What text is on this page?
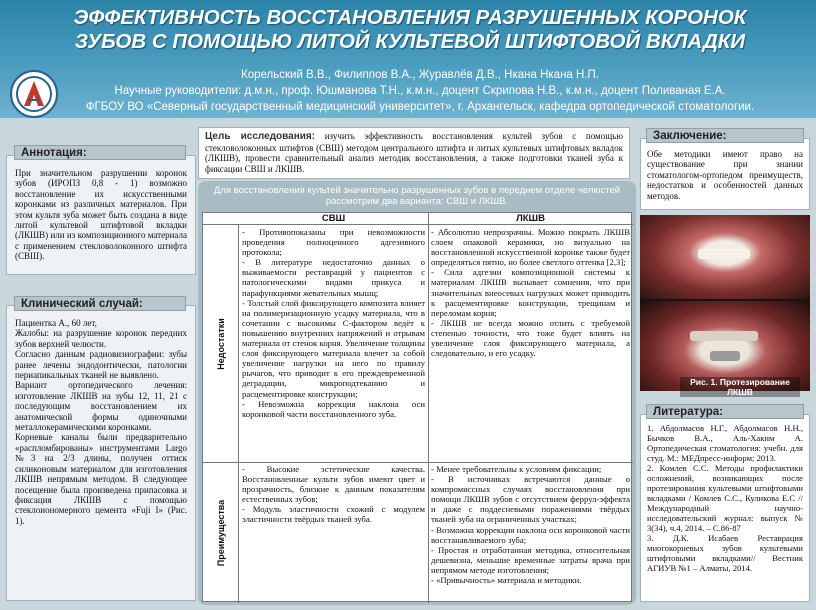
ЭФФЕКТИВНОСТЬ ВОССТАНОВЛЕНИЯ РАЗРУШЕННЫХ КОРОНОК
ЗУБОВ С ПОМОЩЬЮ ЛИТОЙ КУЛЬТЕВОЙ ШТИФТОВОЙ ВКЛАДКИ
Корельский В.В., Филиппов В.А., Журавлёв Д.В., Нкана Нкана Н.П.
Научные руководители: д.м.н., проф. Юшманова Т.Н., к.м.н., доцент Скрипова Н.В., к.м.н., доцент Поливаная Е.А.
ФГБОУ ВО «Северный государственный медицинский университет», г. Архангельск, кафедра ортопедической стоматологии.
При значительном разрушении коронок зубов (ИРОПЗ 0,8 - 1) возможно восстановление их искусственными коронками из различных материалов. При этом культя зуба может быть создана в виде литой культевой штифтовой вкладки (ЛКШВ) или из композиционного материала с применением стекловолоконного штифта (СВШ).
Аннотация:
Пациентка А., 60 лет,
Жалобы: на разрушение коронок передних зубов верхней челюсти.
Согласно данным радиовизиографии: зубы ранее лечены эндодонтически, патологии периапикальных тканей не выявлено.
Вариант ортопедического лечения: изготовление ЛКШВ на зубы 12, 11, 21 с последующим восстановлением их анатомической формы одиночными металлокерамическими коронками.
Корневые каналы были предварительно «распломбированы» инструментами Largo №3 на 2/3 длины, получен оттиск силиконовым материалом для изготовления ЛКШВ непрямым методом. В следующее посещение была произведена припасовка и фиксация ЛКШВ с помощью стеклоиономерного цемента «Fuji I» (Рис. 1).
Клинический случай:
Цель исследования: изучить эффективность восстановления культей зубов с помощью стекловолоконных штифтов (СВШ) методом центрального штифта и литых культевых штифтовых вкладок (ЛКШВ), провести сравнительный анализ методик восстановления, а также подготовки тканей зуба к фиксации СВШ и ЛКШВ.
Для восстановления культей значительно разрушенных зубов в переднем отделе челюстей рассмотрим два варианта: СВШ и ЛКШВ.
СВШ	ЛКШВ
Недостатки
Преимущества
- Противопоказаны при невозможности проведения полноценного адгезивного протокола;
- В литературе недостаточно данных о выживаемости реставраций у пациентов с патологическими видами прикуса и парафункциями жевательных мышц;
- Толстый слой фиксирующего композита влияет на полимеризационную усадку материала, что в сочетании с высокимы C-фактором ведёт к повышению внутренних напряжений и отрывам материала от стенок корня. Увеличение толщины слоя фиксирующего материала влечет за собой увеличение нагрузки на него по правилу рычагов, что приводит к его преждевременной деградации, микроподтеканию и расцементировке конструкции;
- Невозможна коррекция наклона оси коронковой части восстановленного зуба.
- Абсолютно непрозрачны. Можно покрыть ЛКШВ слоем опаковой керамики, но визуально на восстановленной искусственной коронке также будет определяться пятно, но более светлого оттенка [2,3];
- Сила адгезии композиционной системы к материалам ЛКШВ вызывает сомнения, что при значительных внеосевых нагрузках может приводить к расцементировке конструкции, трещинам и переломам корня;
- ЛКШВ не всегда можно отлить с требуемой степенью точности, что тоже будет влиять на увеличение слоя фиксирующего материала, а следовательно, и его усадку.
- Высокие эстетические качества. Восстановленные культи зубов имеют цвет и прозрачность, близкие к данным показателям естественных зубов;
- Модуль эластичности схожий с модулем эластичности твёрдых тканей зуба.
- Менее требовательны к условиям фиксации;
- В источниках встречаются данные о компромиссных случаях восстановления при помощи ЛКШВ зубов с отсутствием феррул-эффекта и даже с поддесневыми поражениями твёрдых тканей зуба на ограниченных участках;
- Возможна коррекция наклона оси коронковой части восстанавливаемого зуба;
- Простая и отработанная методика, относительная дешевизна, меньшие временные затраты врача при непрямом методе изготовления;
- «Привычность» материала и методики.
Обе методики имеют право на существование при знании стоматологом-ортопедом преимуществ, недостатков и особенностей данных методов.
Заключение:
Рис. 1. Протезирование ЛКШВ
1. Абдолмасов Н.Г., Абдолмасов Н.Н., Бычков В.А., Аль-Хаким А. Ортопедическая стоматология: учебн. для студ. М.: МЕДпресс-информ; 2013.
2. Комлев С.С. Методы профилактики осложнений, возникающих после протезирования культевыми штифтовыми вкладками / Комлев С.С., Куликова Е.С //Международный научно-исследовательский журнал: выпуск № 3(34), ч.4, 2014. – С.86-87
3. Д.К. Исабаев Реставрация многокорневых зубов культевыми штифтовыми вкладками// Вестник АГИУВ №1 – Алматы, 2014.
Литература:
